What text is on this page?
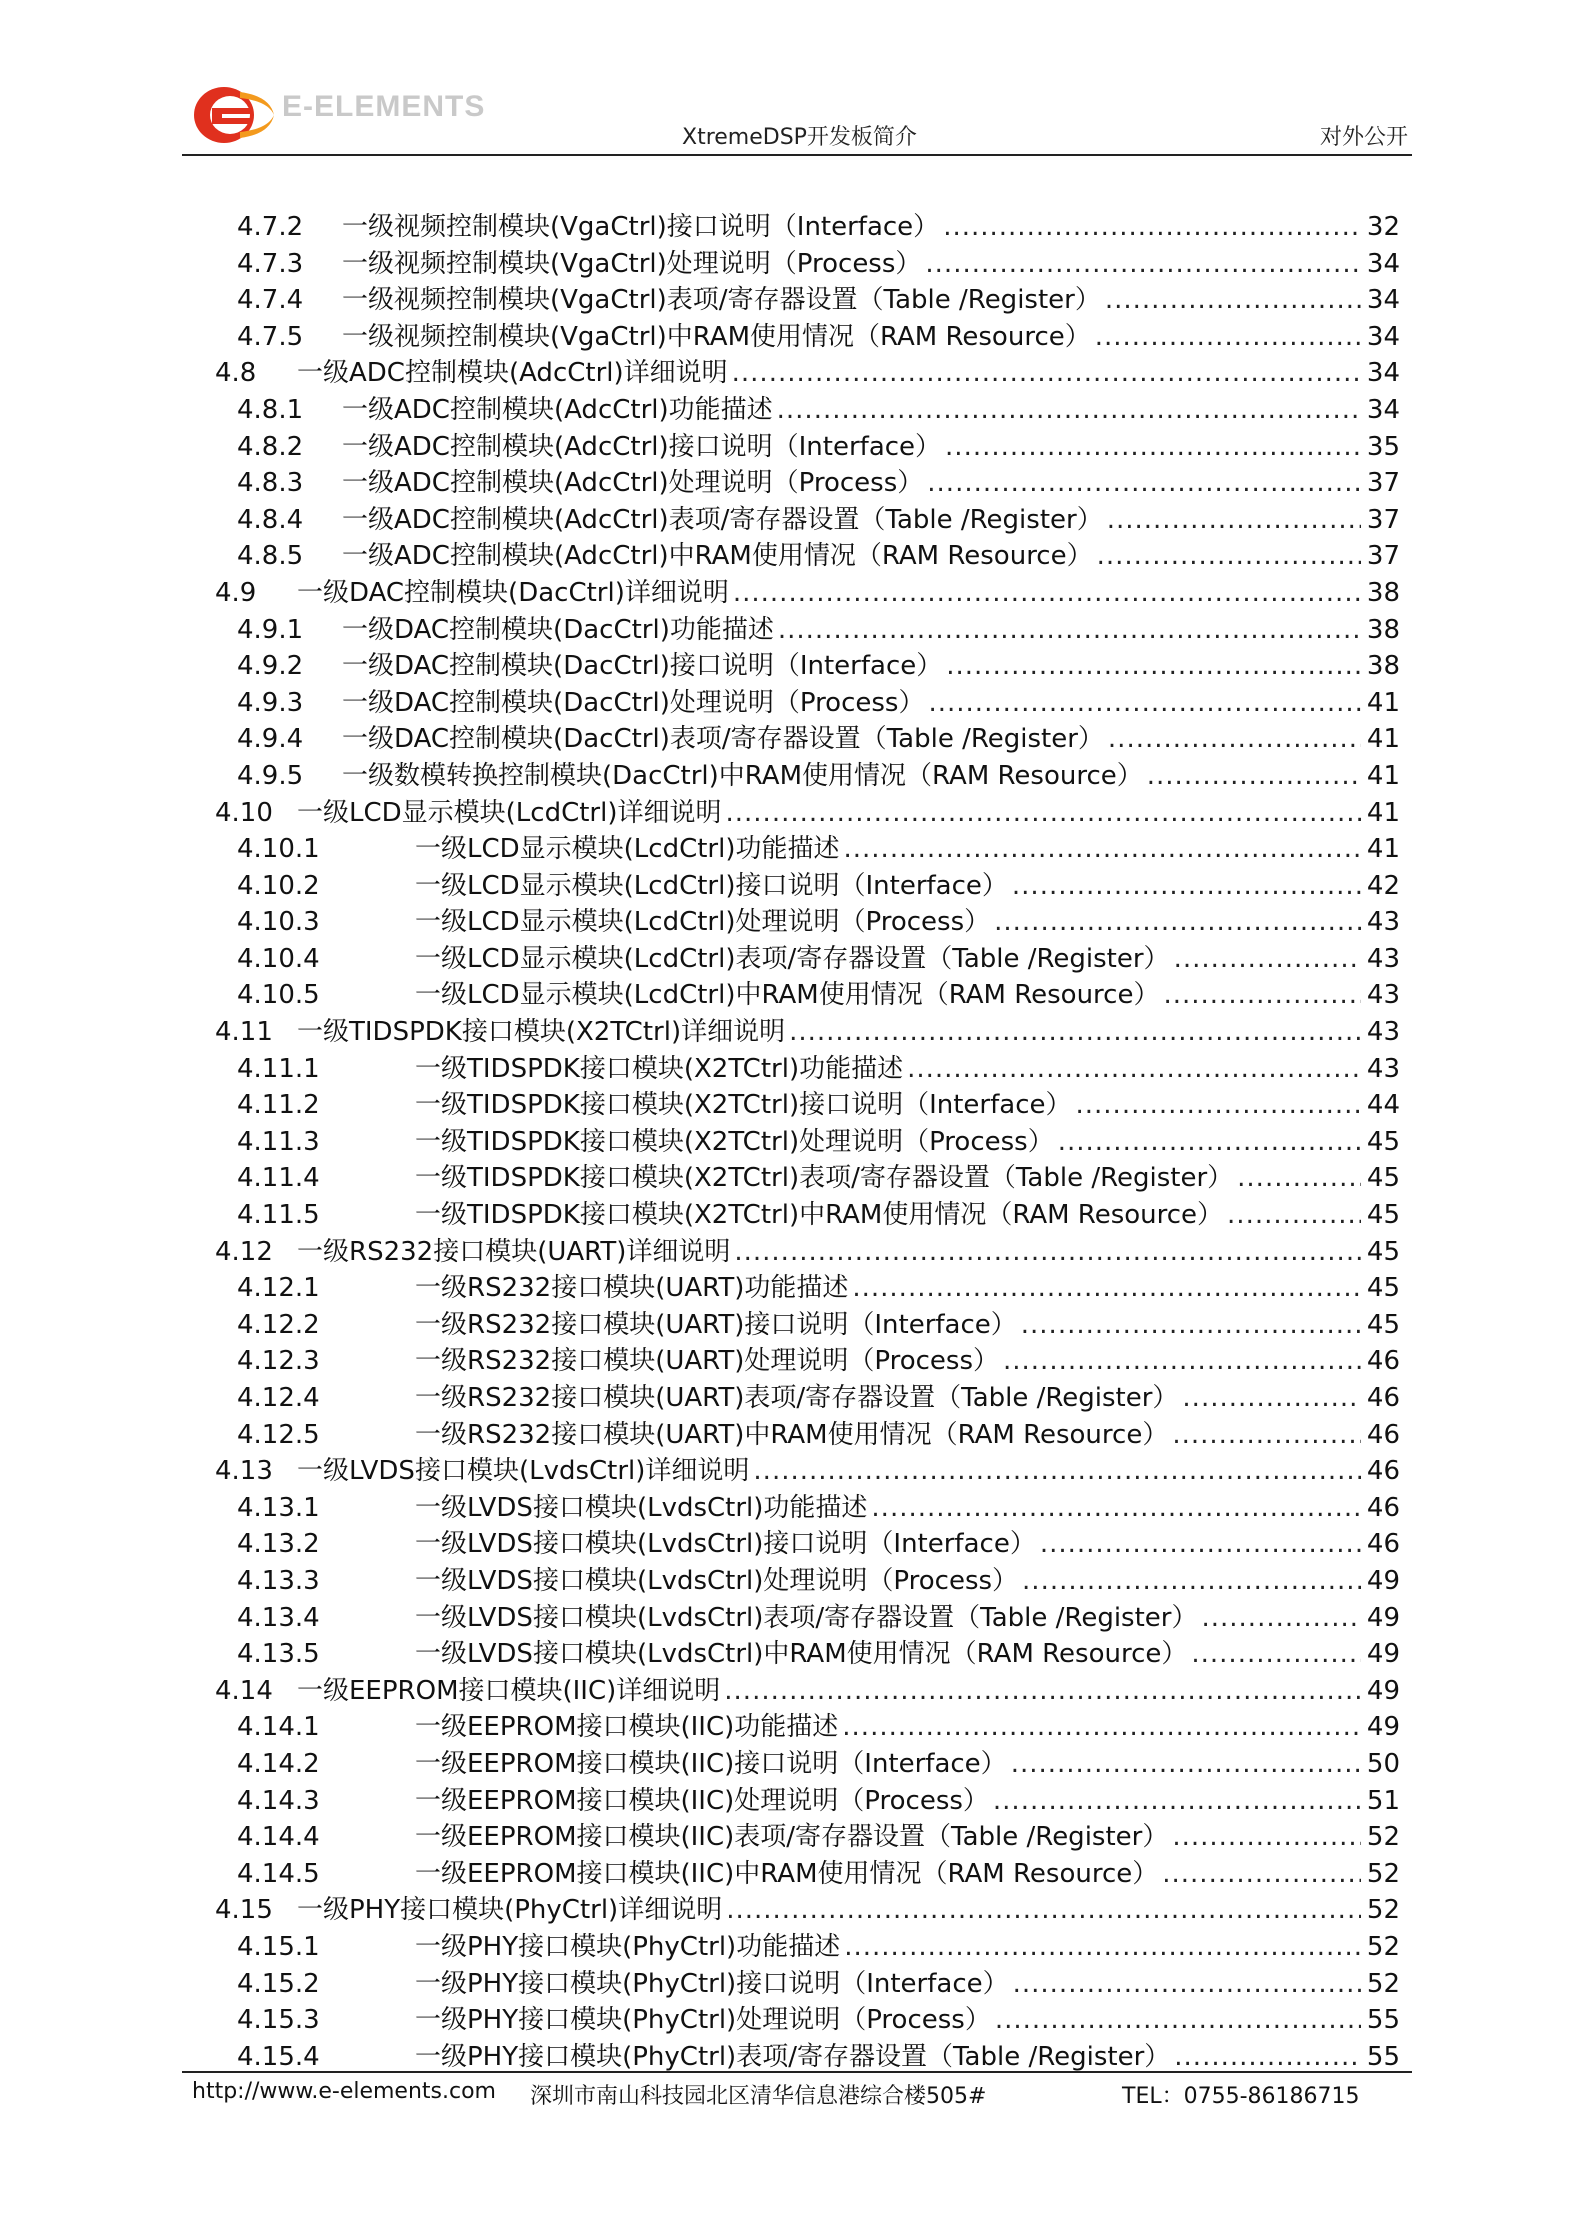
E-ELEMENTS
XtremeDSP开发板简介	对外公开
4.7.2 一级视频控制模块(VgaCtrl)接口说明（Interface） .....	32
4.7.3 一级视频控制模块(VgaCtrl)处理说明（Process） .....	34
4.7.4 一级视频控制模块(VgaCtrl)表项/寄存器设置（Table /Register） .....	34
4.7.5 一级视频控制模块(VgaCtrl)中RAM使用情况（RAM Resource） .....	34
4.8 一级ADC控制模块(AdcCtrl)详细说明 .....	34
4.8.1 一级ADC控制模块(AdcCtrl)功能描述 .....	34
4.8.2 一级ADC控制模块(AdcCtrl)接口说明（Interface） .....	35
4.8.3 一级ADC控制模块(AdcCtrl)处理说明（Process） .....	37
4.8.4 一级ADC控制模块(AdcCtrl)表项/寄存器设置（Table /Register） .....	37
4.8.5 一级ADC控制模块(AdcCtrl)中RAM使用情况（RAM Resource） .....	37
4.9 一级DAC控制模块(DacCtrl)详细说明 .....	38
4.9.1 一级DAC控制模块(DacCtrl)功能描述 .....	38
4.9.2 一级DAC控制模块(DacCtrl)接口说明（Interface） .....	38
4.9.3 一级DAC控制模块(DacCtrl)处理说明（Process） .....	41
4.9.4 一级DAC控制模块(DacCtrl)表项/寄存器设置（Table /Register） .....	41
4.9.5 一级数模转换控制模块(DacCtrl)中RAM使用情况（RAM Resource） .....	41
4.10 一级LCD显示模块(LcdCtrl)详细说明 .....	41
4.10.1	一级LCD显示模块(LcdCtrl)功能描述 .....	41
4.10.2	一级LCD显示模块(LcdCtrl)接口说明（Interface） .....	42
4.10.3	一级LCD显示模块(LcdCtrl)处理说明（Process） .....	43
4.10.4	一级LCD显示模块(LcdCtrl)表项/寄存器设置（Table /Register） .....	43
4.10.5	一级LCD显示模块(LcdCtrl)中RAM使用情况（RAM Resource） .....	43
4.11 一级TIDSPDK接口模块(X2TCtrl)详细说明 .....	43
4.11.1	一级TIDSPDK接口模块(X2TCtrl)功能描述 .....	43
4.11.2	一级TIDSPDK接口模块(X2TCtrl)接口说明（Interface） .....	44
4.11.3	一级TIDSPDK接口模块(X2TCtrl)处理说明（Process） .....	45
4.11.4	一级TIDSPDK接口模块(X2TCtrl)表项/寄存器设置（Table /Register） .....	45
4.11.5	一级TIDSPDK接口模块(X2TCtrl)中RAM使用情况（RAM Resource） .....	45
4.12 一级RS232接口模块(UART)详细说明 .....	45
4.12.1	一级RS232接口模块(UART)功能描述 .....	45
4.12.2	一级RS232接口模块(UART)接口说明（Interface） .....	45
4.12.3	一级RS232接口模块(UART)处理说明（Process） .....	46
4.12.4	一级RS232接口模块(UART)表项/寄存器设置（Table /Register） .....	46
4.12.5	一级RS232接口模块(UART)中RAM使用情况（RAM Resource） .....	46
4.13 一级LVDS接口模块(LvdsCtrl)详细说明 .....	46
4.13.1	一级LVDS接口模块(LvdsCtrl)功能描述 .....	46
4.13.2	一级LVDS接口模块(LvdsCtrl)接口说明（Interface） .....	46
4.13.3	一级LVDS接口模块(LvdsCtrl)处理说明（Process） .....	49
4.13.4	一级LVDS接口模块(LvdsCtrl)表项/寄存器设置（Table /Register） .....	49
4.13.5	一级LVDS接口模块(LvdsCtrl)中RAM使用情况（RAM Resource） .....	49
4.14 一级EEPROM接口模块(IIC)详细说明 .....	49
4.14.1	一级EEPROM接口模块(IIC)功能描述 .....	49
4.14.2	一级EEPROM接口模块(IIC)接口说明（Interface） .....	50
4.14.3	一级EEPROM接口模块(IIC)处理说明（Process） .....	51
4.14.4	一级EEPROM接口模块(IIC)表项/寄存器设置（Table /Register） .....	52
4.14.5	一级EEPROM接口模块(IIC)中RAM使用情况（RAM Resource） .....	52
4.15 一级PHY接口模块(PhyCtrl)详细说明 .....	52
4.15.1	一级PHY接口模块(PhyCtrl)功能描述 .....	52
4.15.2	一级PHY接口模块(PhyCtrl)接口说明（Interface） .....	52
4.15.3	一级PHY接口模块(PhyCtrl)处理说明（Process） .....	55
4.15.4	一级PHY接口模块(PhyCtrl)表项/寄存器设置（Table /Register） .....	55
http://www.e-elements.com 深圳市南山科技园北区清华信息港综合楼505#	TEL：0755-86186715
